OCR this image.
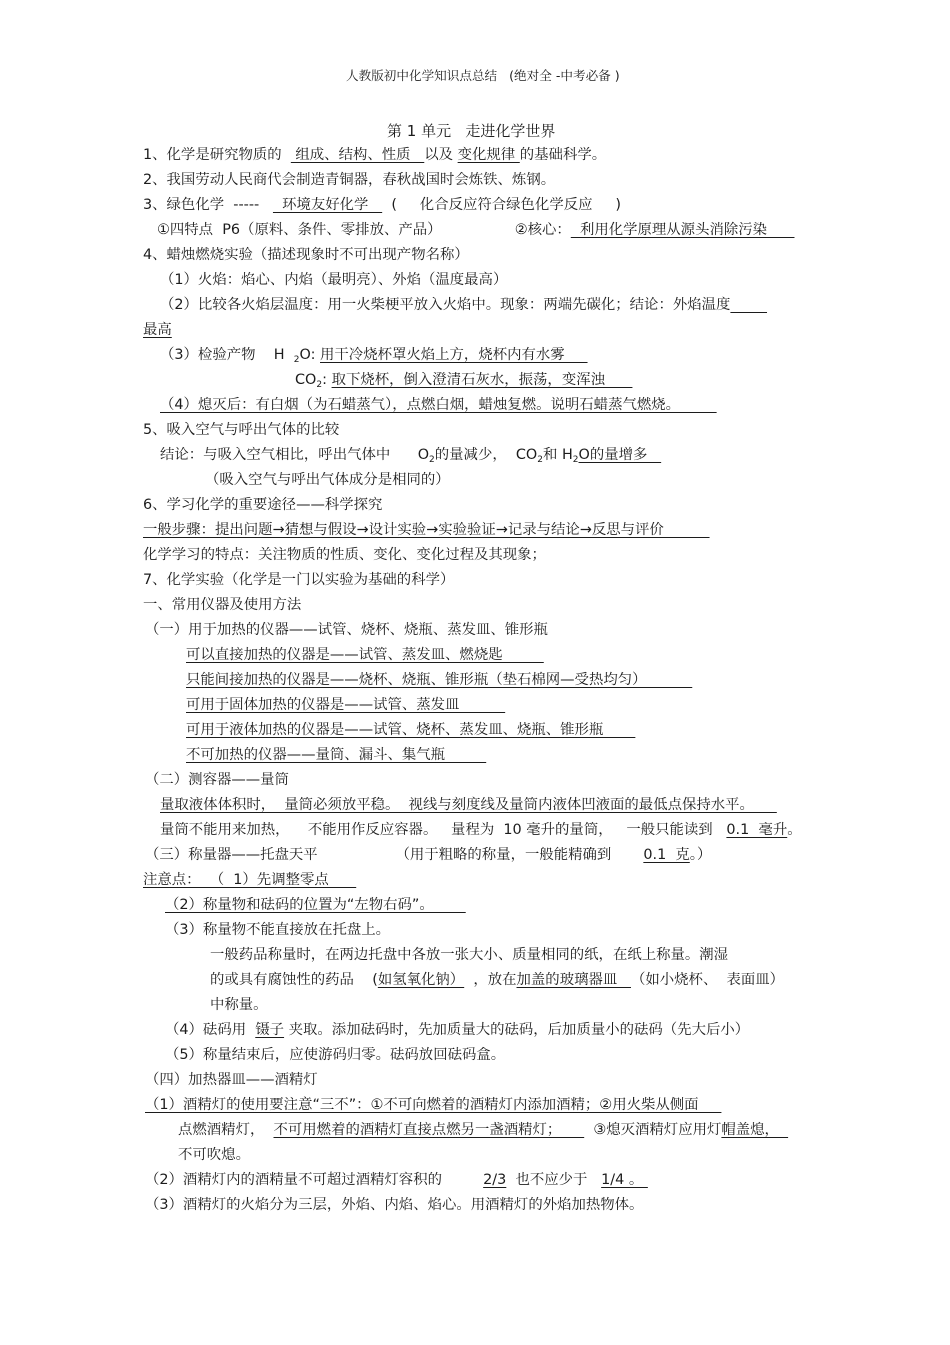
人教版初中化学知识点总结   (绝对全 -中考必备 )
第 1 单元   走进化学世界
1、化学是研究物质的   组成、结构、性质   以及 变化规律 的基础科学。
2、我国劳动人民商代会制造青铜器，春秋战国时会炼铁、炼钢。
3、绿色化学  -----     环境友好化学     (     化合反应符合绿色化学反应     )
①四特点  P6（原料、条件、零排放、产品）                ②核心：  利用化学原理从源头消除污染
4、蜡烛燃烧实验（描述现象时不可出现产物名称）
（1）火焰：焰心、内焰（最明亮）、外焰（温度最高）
（2）比较各火焰层温度：用一火柴梗平放入火焰中。现象：两端先碳化；结论：外焰温度
最高
（3）检验产物    H  $_2$O: 用干冷烧杯罩火焰上方，烧杯内有水雾
$CO_2$: 取下烧杯，倒入澄清石灰水，振荡，变浑浊
（4）熄灭后：有白烟（为石蜡蒸气），点燃白烟，蜡烛复燃。说明石蜡蒸气燃烧。
5、吸入空气与呼出气体的比较
结论：与吸入空气相比，呼出气体中      $O_2$的量减少，  $CO_2$和 $H_2O$的量增多
（吸入空气与呼出气体成分是相同的）
6、学习化学的重要途径——科学探究
一般步骤：提出问题→猜想与假设→设计实验→实验验证→记录与结论→反思与评价
化学学习的特点：关注物质的性质、变化、变化过程及其现象；
7、化学实验（化学是一门以实验为基础的科学）
一、常用仪器及使用方法
（一）用于加热的仪器——试管、烧杯、烧瓶、蒸发皿、锥形瓶
可以直接加热的仪器是——试管、蒸发皿、燃烧匙
只能间接加热的仪器是——烧杯、烧瓶、锥形瓶（垫石棉网—受热均匀）
可用于固体加热的仪器是——试管、蒸发皿
可用于液体加热的仪器是——试管、烧杯、蒸发皿、烧瓶、锥形瓶
不可加热的仪器——量筒、漏斗、集气瓶
（二）测容器——量筒
量取液体体积时，  量筒必须放平稳。  视线与刻度线及量筒内液体凹液面的最低点保持水平。
量筒不能用来加热，    不能用作反应容器。   量程为  10 毫升的量筒，   一般只能读到   0.1  毫升。
（三）称量器——托盘天平                 （用于粗略的称量，一般能精确到       0.1  克。）
注意点：  （  1）先调整零点
（2）称量物和砝码的位置为“左物右码”。
（3）称量物不能直接放在托盘上。
一般药品称量时，在两边托盘中各放一张大小、质量相同的纸，在纸上称量。潮湿
的或具有腐蚀性的药品    (如氢氧化钠）  ，放在加盖的玻璃器皿   （如小烧杯、  表面皿）
中称量。
（4）砝码用  镊子 夹取。添加砝码时，先加质量大的砝码，后加质量小的砝码（先大后小）
（5）称量结束后，应使游码归零。砝码放回砝码盒。
（四）加热器皿——酒精灯
（1）酒精灯的使用要注意“三不”：①不可向燃着的酒精灯内添加酒精；②用火柴从侧面
点燃酒精灯，  不可用燃着的酒精灯直接点燃另一盏酒精灯；       ③熄灭酒精灯应用灯帽盖熄，
不可吹熄。
（2）酒精灯内的酒精量不可超过酒精灯容积的         2/3  也不应少于   1/4 。
（3）酒精灯的火焰分为三层，外焰、内焰、焰心。用酒精灯的外焰加热物体。
